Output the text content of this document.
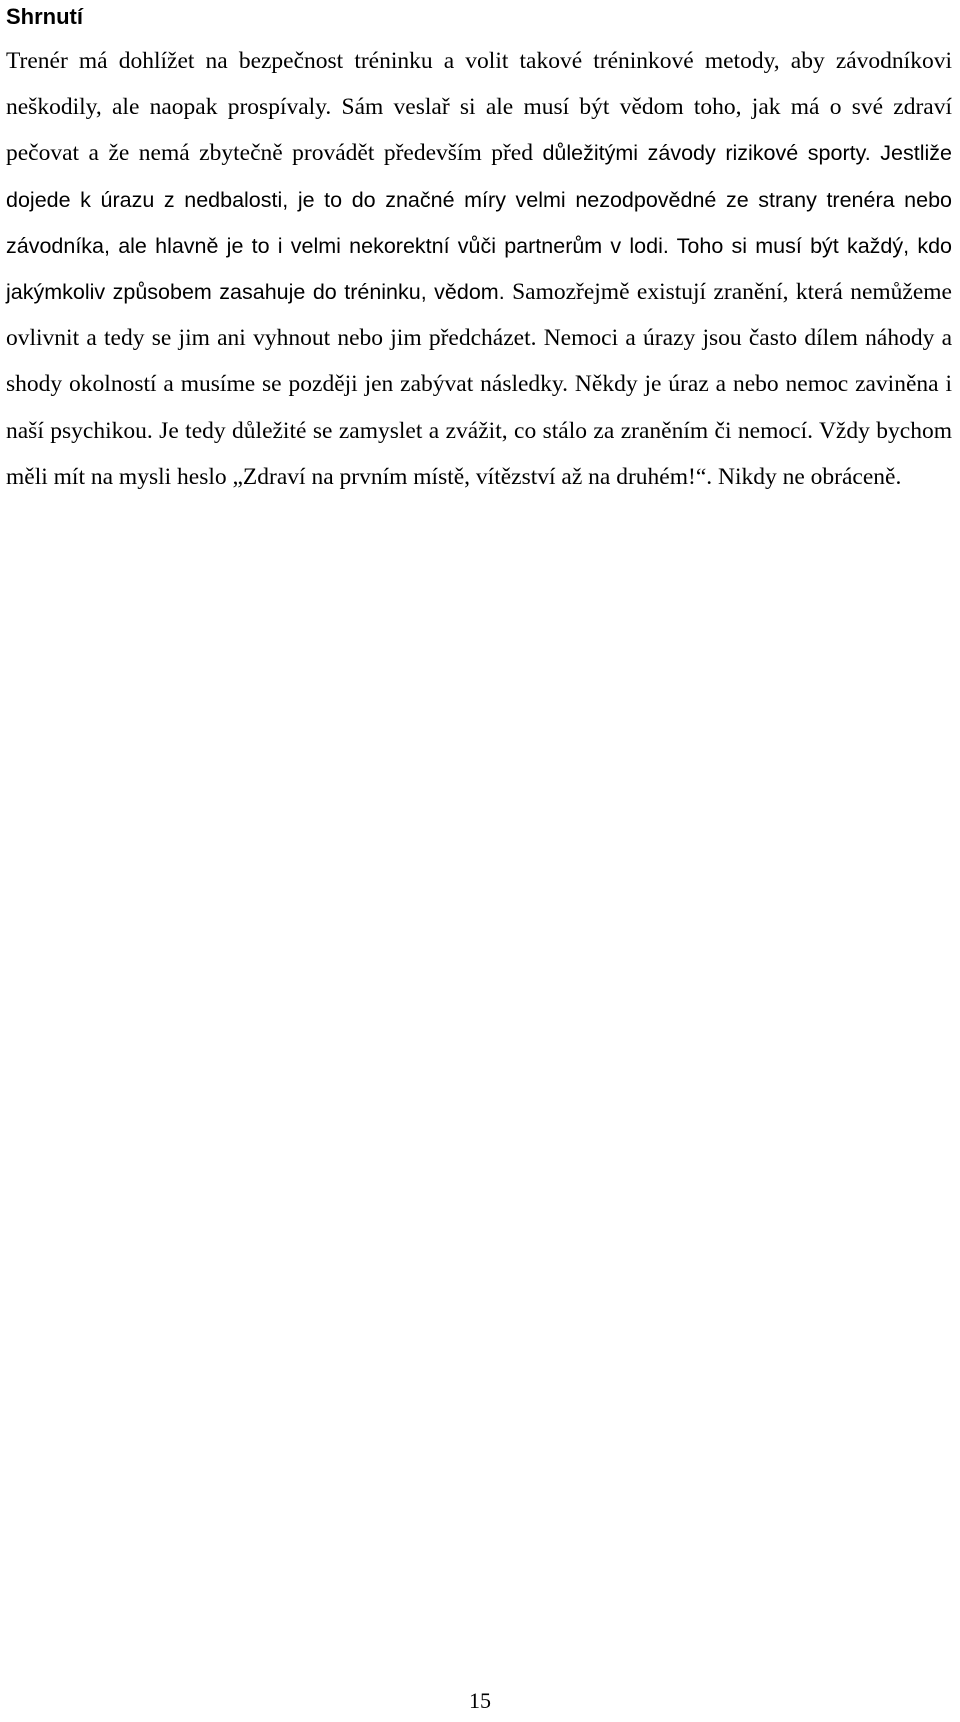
Shrnutí

Trenér má dohlížet na bezpečnost tréninku a volit takové tréninkové metody, aby závodníkovi neškodily, ale naopak prospívaly. Sám veslař si ale musí být vědom toho, jak má o své zdraví pečovat a že nemá zbytečně provádět především před důležitými závody rizikové sporty. Jestliže dojede k úrazu z nedbalosti, je to do značné míry velmi nezodpovědné ze strany trenéra nebo závodníka, ale hlavně je to i velmi nekorektní vůči partnerům v lodi. Toho si musí být každý, kdo jakýmkoliv způsobem zasahuje do tréninku, vědom. Samozřejmě existují zranění, která nemůžeme ovlivnit a tedy se jim ani vyhnout nebo jim předcházet. Nemoci a úrazy jsou často dílem náhody a shody okolností a musíme se později jen zabývat následky. Někdy je úraz a nebo nemoc zaviněna i naší psychikou. Je tedy důležité se zamyslet a zvážit, co stálo za zraněním či nemocí. Vždy bychom měli mít na mysli heslo „Zdraví na prvním místě, vítězství až na druhém!“. Nikdy ne obráceně.

15
